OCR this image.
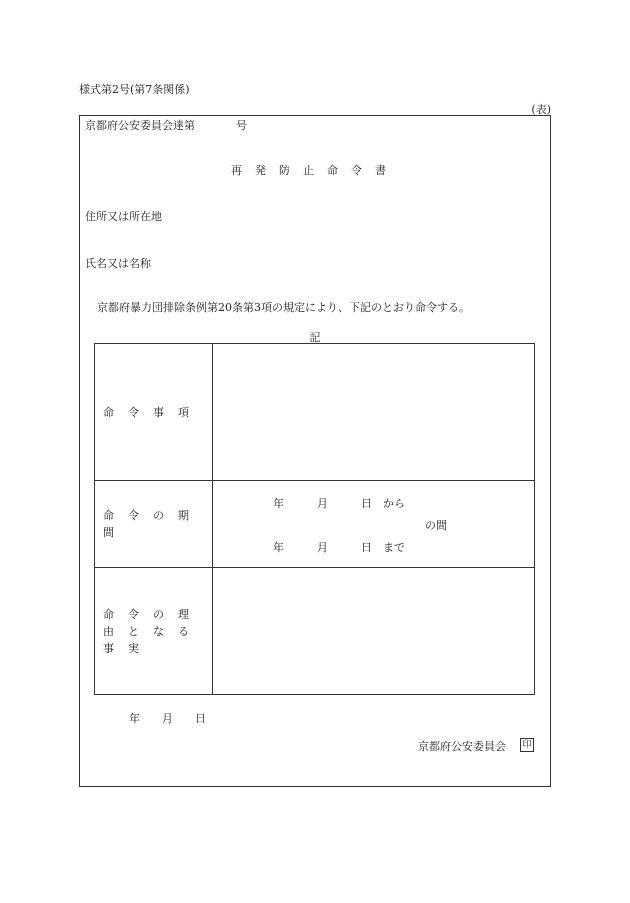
様式第2号(第7条関係)
(表)
京都府公安委員会達第	号
再発防止命令書
住所又は所在地
氏名又は名称
京都府暴力団排除条例第20条第3項の規定により、下記のとおり命令する。
記
命令事項	
命令の期間	年　　　月　　　日　から
の間
年　　　月　　　日　まで

命令の理由となる事実	
年　　月　　日
京都府公安委員会 印
